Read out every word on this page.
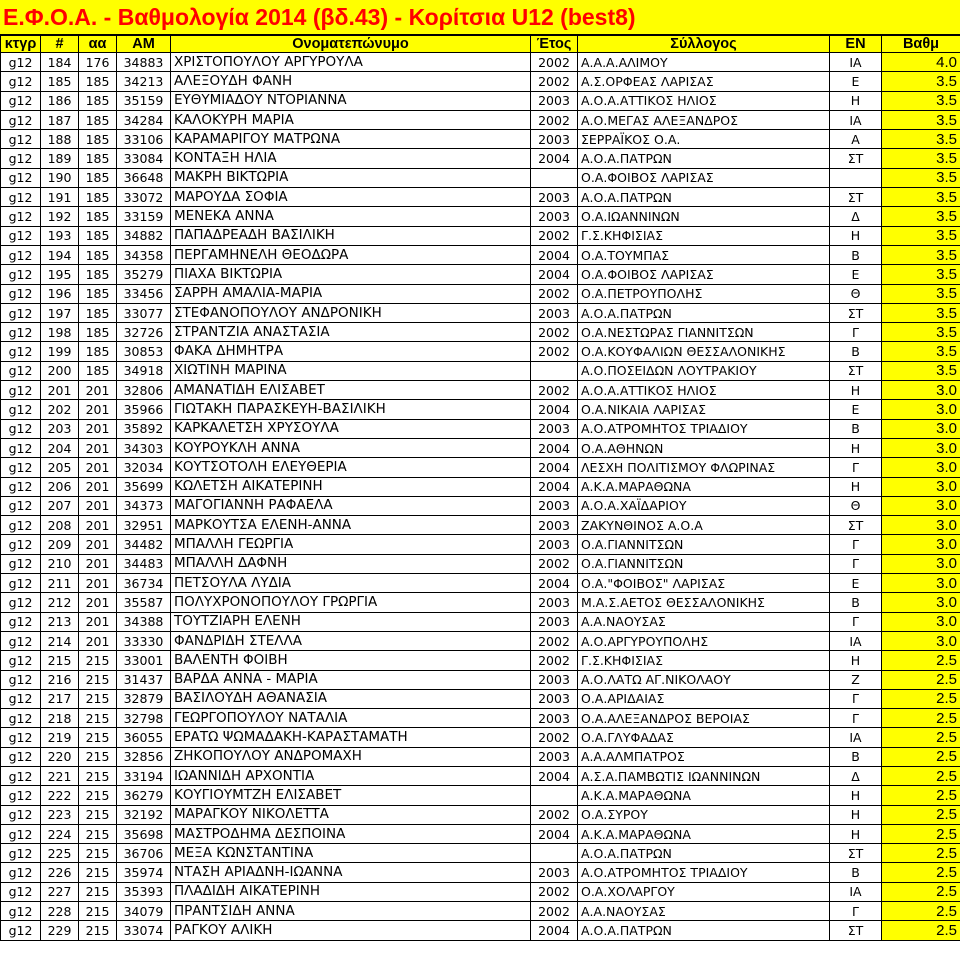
Ε.Φ.Ο.Α. - Βαθμολογία 2014 (βδ.43) - Κορίτσια U12 (best8)
κτγρ	#	αα	ΑΜ	Ονοματεπώνυμο	Έτος	Σύλλογος	ΕΝ	Βαθμ
g12	184	176	34883	ΧΡΙΣΤΟΠΟΥΛΟΥ ΑΡΓΥΡΟΥΛΑ	2002	Α.Α.Α.ΑΛΙΜΟΥ	ΙΑ	4.0
g12	185	185	34213	ΑΛΕΞΟΥΔΗ ΦΑΝΗ	2002	Α.Σ.ΟΡΦΕΑΣ ΛΑΡΙΣΑΣ	Ε	3.5
g12	186	185	35159	ΕΥΘΥΜΙΑΔΟΥ ΝΤΟΡΙΑΝΝΑ	2003	Α.Ο.Α.ΑΤΤΙΚΟΣ ΗΛΙΟΣ	Η	3.5
g12	187	185	34284	ΚΑΛΟΚΥΡΗ ΜΑΡΙΑ	2002	Α.Ο.ΜΕΓΑΣ ΑΛΕΞΑΝΔΡΟΣ	ΙΑ	3.5
g12	188	185	33106	ΚΑΡΑΜΑΡΙΓΟΥ ΜΑΤΡΩΝΑ	2003	ΣΕΡΡΑΪΚΟΣ Ο.Α.	Α	3.5
g12	189	185	33084	ΚΟΝΤΑΞΗ ΗΛΙΑ	2004	Α.Ο.Α.ΠΑΤΡΩΝ	ΣΤ	3.5
g12	190	185	36648	ΜΑΚΡΗ ΒΙΚΤΩΡΙΑ		Ο.Α.ΦΟΙΒΟΣ ΛΑΡΙΣΑΣ		3.5
g12	191	185	33072	ΜΑΡΟΥΔΑ ΣΟΦΙΑ	2003	Α.Ο.Α.ΠΑΤΡΩΝ	ΣΤ	3.5
g12	192	185	33159	ΜΕΝΕΚΑ ΑΝΝΑ	2003	Ο.Α.ΙΩΑΝΝΙΝΩΝ	Δ	3.5
g12	193	185	34882	ΠΑΠΑΔΡΕΑΔΗ ΒΑΣΙΛΙΚΗ	2002	Γ.Σ.ΚΗΦΙΣΙΑΣ	Η	3.5
g12	194	185	34358	ΠΕΡΓΑΜΗΝΕΛΗ ΘΕΟΔΩΡΑ	2004	Ο.Α.ΤΟΥΜΠΑΣ	Β	3.5
g12	195	185	35279	ΠΙΑΧΑ ΒΙΚΤΩΡΙΑ	2004	Ο.Α.ΦΟΙΒΟΣ ΛΑΡΙΣΑΣ	Ε	3.5
g12	196	185	33456	ΣΑΡΡΗ ΑΜΑΛΙΑ-ΜΑΡΙΑ	2002	Ο.Α.ΠΕΤΡΟΥΠΟΛΗΣ	Θ	3.5
g12	197	185	33077	ΣΤΕΦΑΝΟΠΟΥΛΟΥ ΑΝΔΡΟΝΙΚΗ	2003	Α.Ο.Α.ΠΑΤΡΩΝ	ΣΤ	3.5
g12	198	185	32726	ΣΤΡΑΝΤΖΙΑ ΑΝΑΣΤΑΣΙΑ	2002	Ο.Α.ΝΕΣΤΩΡΑΣ ΓΙΑΝΝΙΤΣΩΝ	Γ	3.5
g12	199	185	30853	ΦΑΚΑ ΔΗΜΗΤΡΑ	2002	Ο.Α.ΚΟΥΦΑΛΙΩΝ ΘΕΣΣΑΛΟΝΙΚΗΣ	Β	3.5
g12	200	185	34918	ΧΙΩΤΙΝΗ ΜΑΡΙΝΑ		Α.Ο.ΠΟΣΕΙΔΩΝ ΛΟΥΤΡΑΚΙΟΥ	ΣΤ	3.5
g12	201	201	32806	ΑΜΑΝΑΤΙΔΗ ΕΛΙΣΑΒΕΤ	2002	Α.Ο.Α.ΑΤΤΙΚΟΣ ΗΛΙΟΣ	Η	3.0
g12	202	201	35966	ΓΙΩΤΑΚΗ ΠΑΡΑΣΚΕΥΗ-ΒΑΣΙΛΙΚΗ	2004	Ο.Α.ΝΙΚΑΙΑ ΛΑΡΙΣΑΣ	Ε	3.0
g12	203	201	35892	ΚΑΡΚΑΛΕΤΣΗ ΧΡΥΣΟΥΛΑ	2003	Α.Ο.ΑΤΡΟΜΗΤΟΣ ΤΡΙΑΔΙΟΥ	Β	3.0
g12	204	201	34303	ΚΟΥΡΟΥΚΛΗ ΑΝΝΑ	2004	Ο.Α.ΑΘΗΝΩΝ	Η	3.0
g12	205	201	32034	ΚΟΥΤΣΟΤΟΛΗ ΕΛΕΥΘΕΡΙΑ	2004	ΛΕΣΧΗ ΠΟΛΙΤΙΣΜΟΥ ΦΛΩΡΙΝΑΣ	Γ	3.0
g12	206	201	35699	ΚΩΛΕΤΣΗ ΑΙΚΑΤΕΡΙΝΗ	2004	Α.Κ.Α.ΜΑΡΑΘΩΝΑ	Η	3.0
g12	207	201	34373	ΜΑΓΟΓΙΑΝΝΗ ΡΑΦΑΕΛΑ	2003	Α.Ο.Α.ΧΑΪΔΑΡΙΟΥ	Θ	3.0
g12	208	201	32951	ΜΑΡΚΟΥΤΣΑ ΕΛΕΝΗ-ΑΝΝΑ	2003	ΖΑΚΥΝΘΙΝΟΣ Α.Ο.Α	ΣΤ	3.0
g12	209	201	34482	ΜΠΑΛΛΗ ΓΕΩΡΓΙΑ	2003	Ο.Α.ΓΙΑΝΝΙΤΣΩΝ	Γ	3.0
g12	210	201	34483	ΜΠΑΛΛΗ ΔΑΦΝΗ	2002	Ο.Α.ΓΙΑΝΝΙΤΣΩΝ	Γ	3.0
g12	211	201	36734	ΠΕΤΣΟΥΛΑ ΛΥΔΙΑ	2004	Ο.Α."ΦΟΙΒΟΣ" ΛΑΡΙΣΑΣ	Ε	3.0
g12	212	201	35587	ΠΟΛΥΧΡΟΝΟΠΟΥΛΟΥ ΓΡΩΡΓΙΑ	2003	Μ.Α.Σ.ΑΕΤΟΣ ΘΕΣΣΑΛΟΝΙΚΗΣ	Β	3.0
g12	213	201	34388	ΤΟΥΤΖΙΑΡΗ ΕΛΕΝΗ	2003	Α.Α.ΝΑΟΥΣΑΣ	Γ	3.0
g12	214	201	33330	ΦΑΝΔΡΙΔΗ ΣΤΕΛΛΑ	2002	Α.Ο.ΑΡΓΥΡΟΥΠΟΛΗΣ	ΙΑ	3.0
g12	215	215	33001	ΒΑΛΕΝΤΗ ΦΟΙΒΗ	2002	Γ.Σ.ΚΗΦΙΣΙΑΣ	Η	2.5
g12	216	215	31437	ΒΑΡΔΑ ΑΝΝΑ - ΜΑΡΙΑ	2003	Α.Ο.ΛΑΤΩ ΑΓ.ΝΙΚΟΛΑΟΥ	Ζ	2.5
g12	217	215	32879	ΒΑΣΙΛΟΥΔΗ ΑΘΑΝΑΣΙΑ	2003	Ο.Α.ΑΡΙΔΑΙΑΣ	Γ	2.5
g12	218	215	32798	ΓΕΩΡΓΟΠΟΥΛΟΥ ΝΑΤΑΛΙΑ	2003	Ο.Α.ΑΛΕΞΑΝΔΡΟΣ ΒΕΡΟΙΑΣ	Γ	2.5
g12	219	215	36055	ΕΡΑΤΩ ΨΩΜΑΔΑΚΗ-ΚΑΡΑΣΤΑΜΑΤΗ	2002	Ο.Α.ΓΛΥΦΑΔΑΣ	ΙΑ	2.5
g12	220	215	32856	ΖΗΚΟΠΟΥΛΟΥ ΑΝΔΡΟΜΑΧΗ	2003	Α.Α.ΑΛΜΠΑΤΡΟΣ	Β	2.5
g12	221	215	33194	ΙΩΑΝΝΙΔΗ ΑΡΧΟΝΤΙΑ	2004	Α.Σ.Α.ΠΑΜΒΩΤΙΣ ΙΩΑΝΝΙΝΩΝ	Δ	2.5
g12	222	215	36279	ΚΟΥΓΙΟΥΜΤΖΗ ΕΛΙΣΑΒΕΤ		Α.Κ.Α.ΜΑΡΑΘΩΝΑ	Η	2.5
g12	223	215	32192	ΜΑΡΑΓΚΟΥ ΝΙΚΟΛΕΤΤΑ	2002	Ο.Α.ΣΥΡΟΥ	Η	2.5
g12	224	215	35698	ΜΑΣΤΡΟΔΗΜΑ ΔΕΣΠΟΙΝΑ	2004	Α.Κ.Α.ΜΑΡΑΘΩΝΑ	Η	2.5
g12	225	215	36706	ΜΕΞΑ ΚΩΝΣΤΑΝΤΙΝΑ		Α.Ο.Α.ΠΑΤΡΩΝ	ΣΤ	2.5
g12	226	215	35974	ΝΤΑΣΗ ΑΡΙΑΔΝΗ-ΙΩΑΝΝΑ	2003	Α.Ο.ΑΤΡΟΜΗΤΟΣ ΤΡΙΑΔΙΟΥ	Β	2.5
g12	227	215	35393	ΠΛΑΔΙΔΗ ΑΙΚΑΤΕΡΙΝΗ	2002	Ο.Α.ΧΟΛΑΡΓΟΥ	ΙΑ	2.5
g12	228	215	34079	ΠΡΑΝΤΣΙΔΗ ΑΝΝΑ	2002	Α.Α.ΝΑΟΥΣΑΣ	Γ	2.5
g12	229	215	33074	ΡΑΓΚΟΥ ΑΛΙΚΗ	2004	Α.Ο.Α.ΠΑΤΡΩΝ	ΣΤ	2.5
